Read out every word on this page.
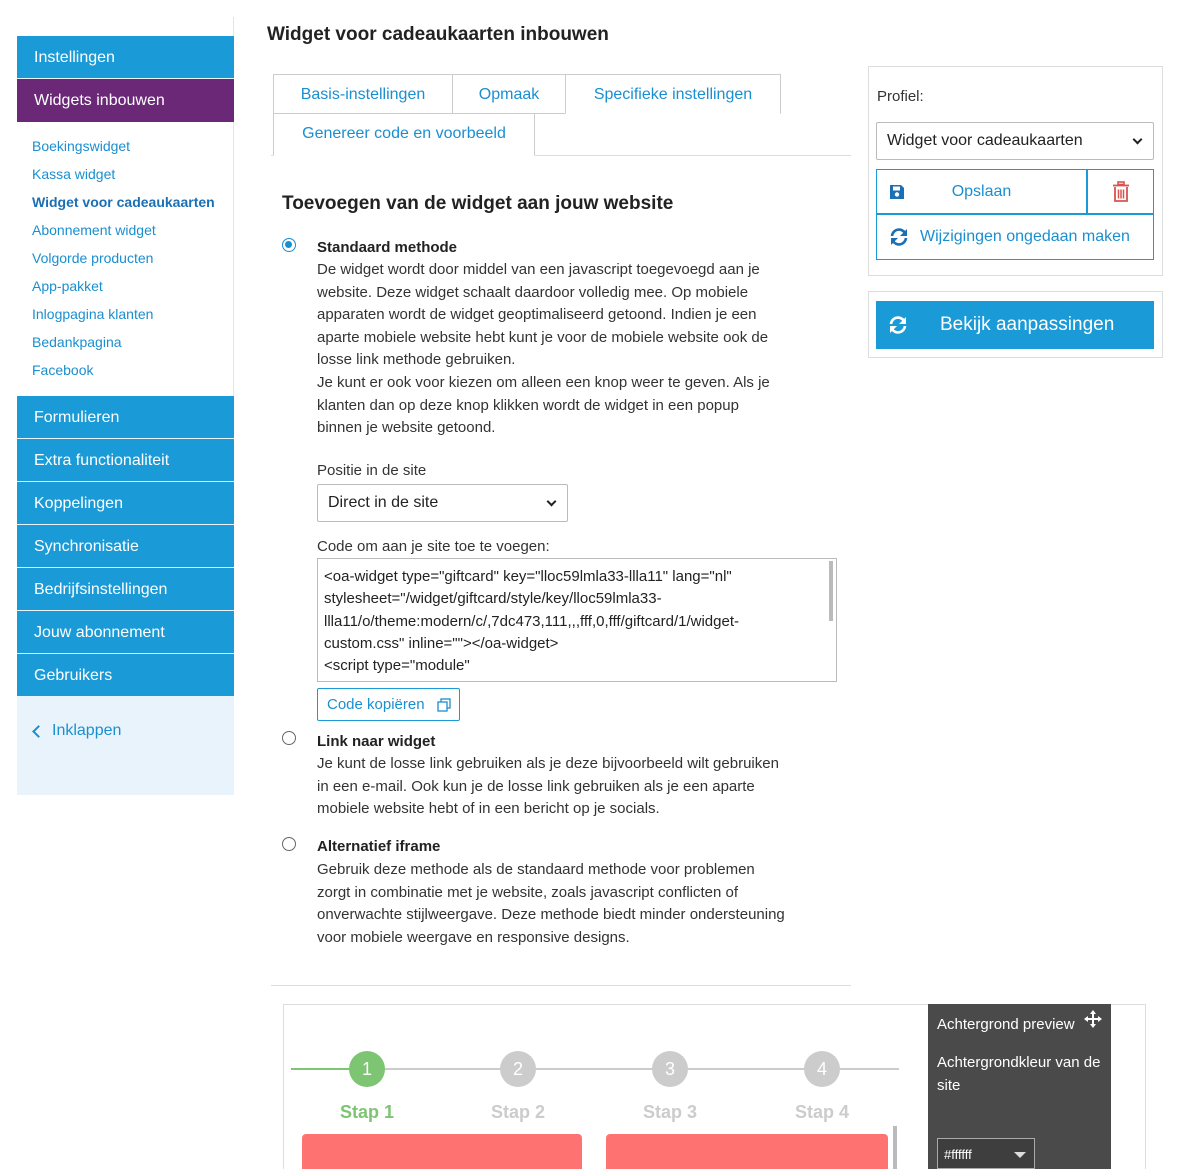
Instellingen
Widgets inbouwen
Boekingswidget
Kassa widget
Widget voor cadeaukaarten
Abonnement widget
Volgorde producten
App-pakket
Inlogpagina klanten
Bedankpagina
Facebook
Formulieren
Extra functionaliteit
Koppelingen
Synchronisatie
Bedrijfsinstellingen
Jouw abonnement
Gebruikers
Inklappen
Widget voor cadeaukaarten inbouwen
Basis-instellingen	Opmaak	Specifieke instellingen
Genereer code en voorbeeld
Toevoegen van de widget aan jouw website
Standaard methode
De widget wordt door middel van een javascript toegevoegd aan je
website. Deze widget schaalt daardoor volledig mee. Op mobiele
apparaten wordt de widget geoptimaliseerd getoond. Indien je een
aparte mobiele website hebt kunt je voor de mobiele website ook de
losse link methode gebruiken.
Je kunt er ook voor kiezen om alleen een knop weer te geven. Als je
klanten dan op deze knop klikken wordt de widget in een popup
binnen je website getoond.
Positie in de site
Direct in de site
Code om aan je site toe te voegen:
<oa-widget type="giftcard" key="lloc59lmla33-llla11" lang="nl"
stylesheet="/widget/giftcard/style/key/lloc59lmla33-
llla11/o/theme:modern/c/,7dc473,111,,,fff,0,fff/giftcard/1/widget-
custom.css" inline=""></oa-widget>
<script type="module"
Code kopiëren
Link naar widget
Je kunt de losse link gebruiken als je deze bijvoorbeeld wilt gebruiken
in een e-mail. Ook kun je de losse link gebruiken als je een aparte
mobiele website hebt of in een bericht op je socials.
Alternatief iframe
Gebruik deze methode als de standaard methode voor problemen
zorgt in combinatie met je website, zoals javascript conflicten of
onverwachte stijlweergave. Deze methode biedt minder ondersteuning
voor mobiele weergave en responsive designs.
Profiel:
Widget voor cadeaukaarten
Opslaan
Wijzigingen ongedaan maken
Bekijk aanpassingen
1	2	3	4
Stap 1	Stap 2	Stap 3	Stap 4
Achtergrond preview
Achtergrondkleur van de site
#ffffff
